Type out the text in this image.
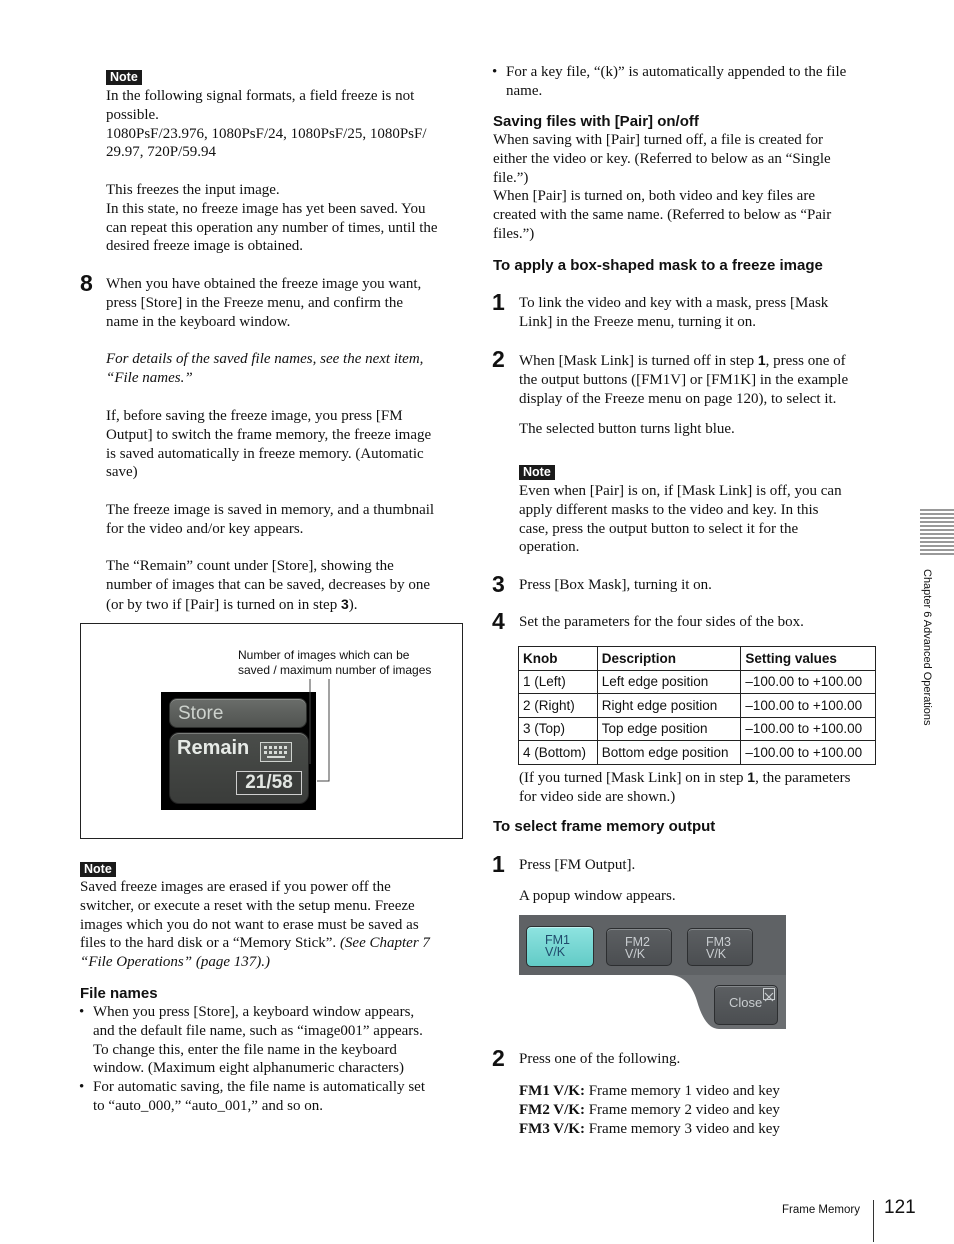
Note
In the following signal formats, a field freeze is not
possible.
1080PsF/23.976, 1080PsF/24, 1080PsF/25, 1080PsF/
29.97, 720P/59.94
This freezes the input image.
In this state, no freeze image has yet been saved. You
can repeat this operation any number of times, until the
desired freeze image is obtained.
8 When you have obtained the freeze image you want,
press [Store] in the Freeze menu, and confirm the
name in the keyboard window.
For details of the saved file names, see the next item,
“File names.”
If, before saving the freeze image, you press [FM
Output] to switch the frame memory, the freeze image
is saved automatically in freeze memory. (Automatic
save)
The freeze image is saved in memory, and a thumbnail
for the video and/or key appears.
The “Remain” count under [Store], showing the
number of images that can be saved, decreases by one
(or by two if [Pair] is turned on in step 3).
Number of images which can be
saved / maximum number of images
Store
Remain
21/58
Note
Saved freeze images are erased if you power off the
switcher, or execute a reset with the setup menu. Freeze
images which you do not want to erase must be saved as
files to the hard disk or a “Memory Stick”. (See Chapter 7
“File Operations” (page 137).)
File names
• When you press [Store], a keyboard window appears,
and the default file name, such as “image001” appears.
To change this, enter the file name in the keyboard
window. (Maximum eight alphanumeric characters)
• For automatic saving, the file name is automatically set
to “auto_000,” “auto_001,” and so on.
• For a key file, “(k)” is automatically appended to the file
name.
Saving files with [Pair] on/off
When saving with [Pair] turned off, a file is created for
either the video or key. (Referred to below as an “Single
file.”)
When [Pair] is turned on, both video and key files are
created with the same name. (Referred to below as “Pair
files.”)
To apply a box-shaped mask to a freeze image
1 To link the video and key with a mask, press [Mask
Link] in the Freeze menu, turning it on.
2 When [Mask Link] is turned off in step 1, press one of
the output buttons ([FM1V] or [FM1K] in the example
display of the Freeze menu on page 120), to select it.
The selected button turns light blue.
Note
Even when [Pair] is on, if [Mask Link] is off, you can
apply different masks to the video and key. In this
case, press the output button to select it for the
operation.
3 Press [Box Mask], turning it on.
4 Set the parameters for the four sides of the box.
Knob	Description	Setting values
1 (Left)	Left edge position	–100.00 to +100.00
2 (Right)	Right edge position	–100.00 to +100.00
3 (Top)	Top edge position	–100.00 to +100.00
4 (Bottom)	Bottom edge position	–100.00 to +100.00
(If you turned [Mask Link] on in step 1, the parameters
for video side are shown.)
To select frame memory output
1 Press [FM Output].
A popup window appears.
FM1
V/K
FM2
V/K
FM3
V/K
Close
2 Press one of the following.
FM1 V/K: Frame memory 1 video and key
FM2 V/K: Frame memory 2 video and key
FM3 V/K: Frame memory 3 video and key
Chapter 6 Advanced Operations
Frame Memory 121
